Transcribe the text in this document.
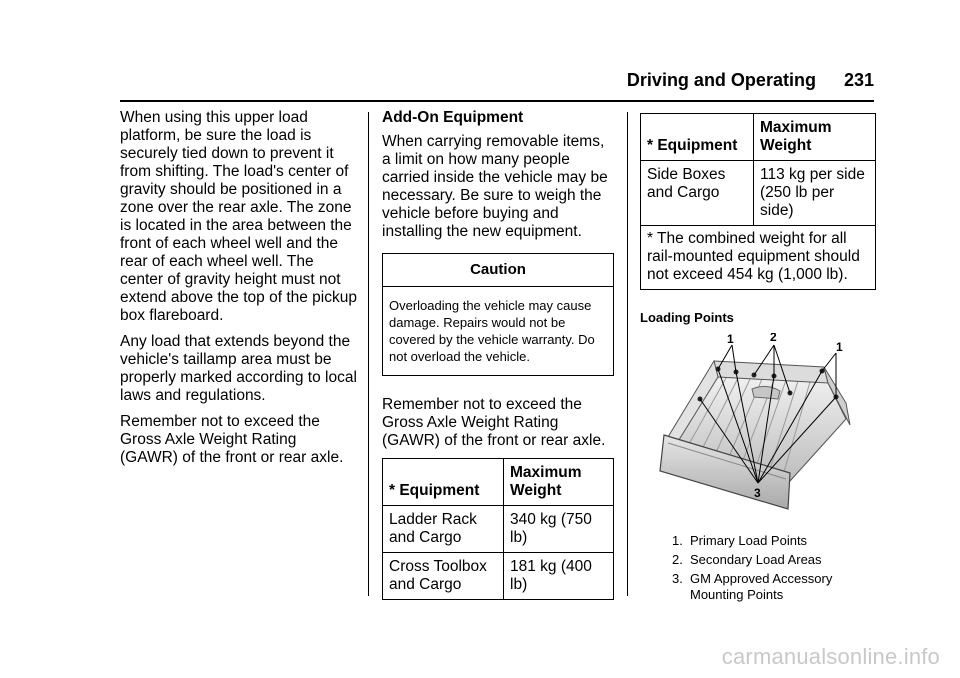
Driving and Operating 231

When using this upper load platform, be sure the load is securely tied down to prevent it from shifting. The load's center of gravity should be positioned in a zone over the rear axle. The zone is located in the area between the front of each wheel well and the rear of each wheel well. The center of gravity height must not extend above the top of the pickup box flareboard.

Any load that extends beyond the vehicle's taillamp area must be properly marked according to local laws and regulations.

Remember not to exceed the Gross Axle Weight Rating (GAWR) of the front or rear axle.

Add-On Equipment

When carrying removable items, a limit on how many people carried inside the vehicle may be necessary. Be sure to weigh the vehicle before buying and installing the new equipment.

Caution
Overloading the vehicle may cause damage. Repairs would not be covered by the vehicle warranty. Do not overload the vehicle.

Remember not to exceed the Gross Axle Weight Rating (GAWR) of the front or rear axle.

* Equipment	Maximum Weight
Ladder Rack and Cargo	340 kg (750 lb)
Cross Toolbox and Cargo	181 kg (400 lb)
* Equipment	Maximum Weight
Side Boxes and Cargo	113 kg per side (250 lb per side)
* The combined weight for all rail-mounted equipment should not exceed 454 kg (1,000 lb).	
Loading Points
1	2
1
3
1. Primary Load Points
2. Secondary Load Areas
3. GM Approved Accessory Mounting Points
carmanualsonline.info
